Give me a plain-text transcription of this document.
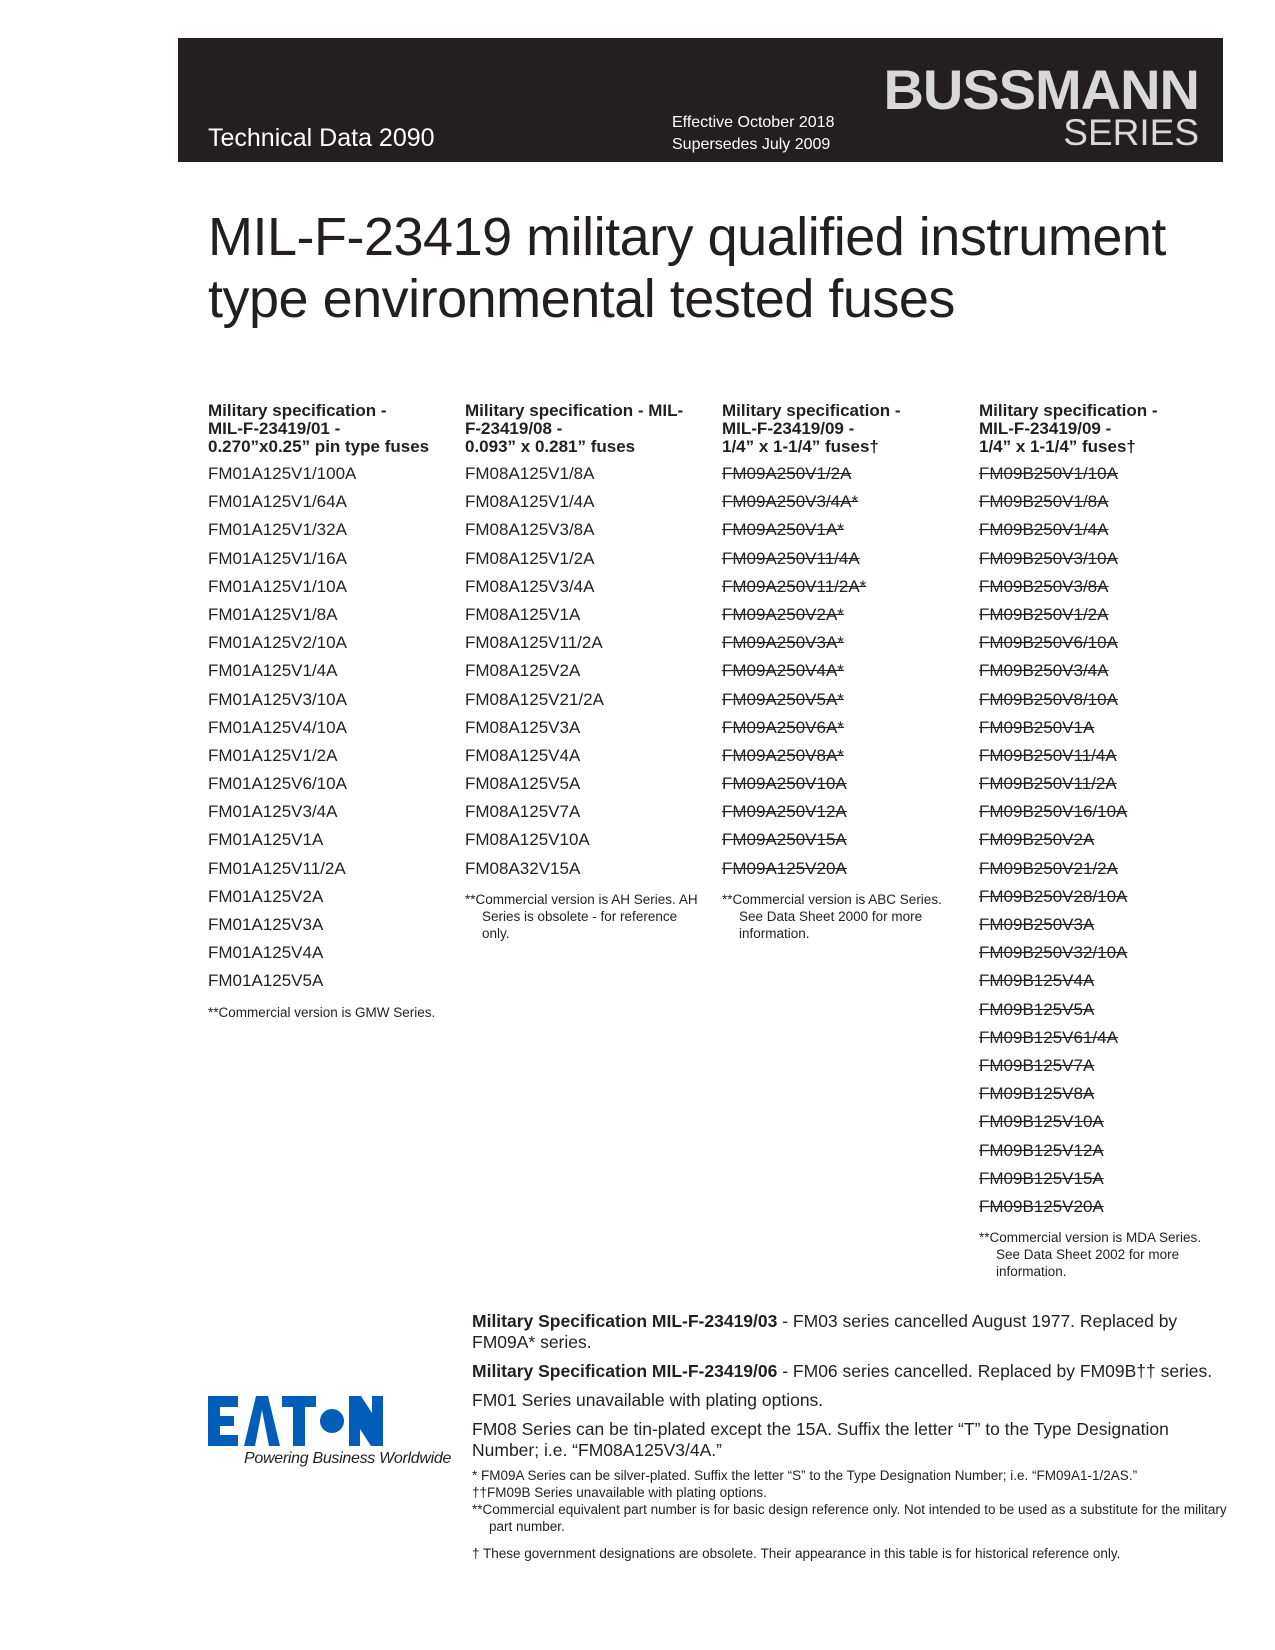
Technical Data 2090
Effective October 2018
Supersedes July 2009
BUSSMANN
SERIES
MIL-F-23419 military qualified instrument
type environmental tested fuses
Military specification -
MIL-F-23419/01 -
0.270”x0.25” pin type fuses
FM01A125V1/100A
FM01A125V1/64A
FM01A125V1/32A
FM01A125V1/16A
FM01A125V1/10A
FM01A125V1/8A
FM01A125V2/10A
FM01A125V1/4A
FM01A125V3/10A
FM01A125V4/10A
FM01A125V1/2A
FM01A125V6/10A
FM01A125V3/4A
FM01A125V1A
FM01A125V11/2A
FM01A125V2A
FM01A125V3A
FM01A125V4A
FM01A125V5A
**Commercial version is GMW Series.
Military specification - MIL-
F-23419/08 -
0.093” x 0.281” fuses
FM08A125V1/8A
FM08A125V1/4A
FM08A125V3/8A
FM08A125V1/2A
FM08A125V3/4A
FM08A125V1A
FM08A125V11/2A
FM08A125V2A
FM08A125V21/2A
FM08A125V3A
FM08A125V4A
FM08A125V5A
FM08A125V7A
FM08A125V10A
FM08A32V15A
**Commercial version is AH Series. AH Series is obsolete - for reference only.
Military specification -
MIL-F-23419/09 -
1/4” x 1-1/4” fuses†
FM09A250V1/2A
FM09A250V3/4A*
FM09A250V1A*
FM09A250V11/4A
FM09A250V11/2A*
FM09A250V2A*
FM09A250V3A*
FM09A250V4A*
FM09A250V5A*
FM09A250V6A*
FM09A250V8A*
FM09A250V10A
FM09A250V12A
FM09A250V15A
FM09A125V20A
**Commercial version is ABC Series. See Data Sheet 2000 for more information.
Military specification -
MIL-F-23419/09 -
1/4” x 1-1/4” fuses†
FM09B250V1/10A
FM09B250V1/8A
FM09B250V1/4A
FM09B250V3/10A
FM09B250V3/8A
FM09B250V1/2A
FM09B250V6/10A
FM09B250V3/4A
FM09B250V8/10A
FM09B250V1A
FM09B250V11/4A
FM09B250V11/2A
FM09B250V16/10A
FM09B250V2A
FM09B250V21/2A
FM09B250V28/10A
FM09B250V3A
FM09B250V32/10A
FM09B125V4A
FM09B125V5A
FM09B125V61/4A
FM09B125V7A
FM09B125V8A
FM09B125V10A
FM09B125V12A
FM09B125V15A
FM09B125V20A
**Commercial version is MDA Series. See Data Sheet 2002 for more information.
Powering Business Worldwide

Military Specification MIL-F-23419/03 - FM03 series cancelled August 1977. Replaced by FM09A* series.

Military Specification MIL-F-23419/06 - FM06 series cancelled. Replaced by FM09B†† series.

FM01 Series unavailable with plating options.

FM08 Series can be tin-plated except the 15A. Suffix the letter “T” to the Type Designation Number; i.e. “FM08A125V3/4A.”

* FM09A Series can be silver-plated. Suffix the letter “S” to the Type Designation Number; i.e. “FM09A1-1/2AS.”
††FM09B Series unavailable with plating options.
**Commercial equivalent part number is for basic design reference only. Not intended to be used as a substitute for the military part number.
† These government designations are obsolete. Their appearance in this table is for historical reference only.
